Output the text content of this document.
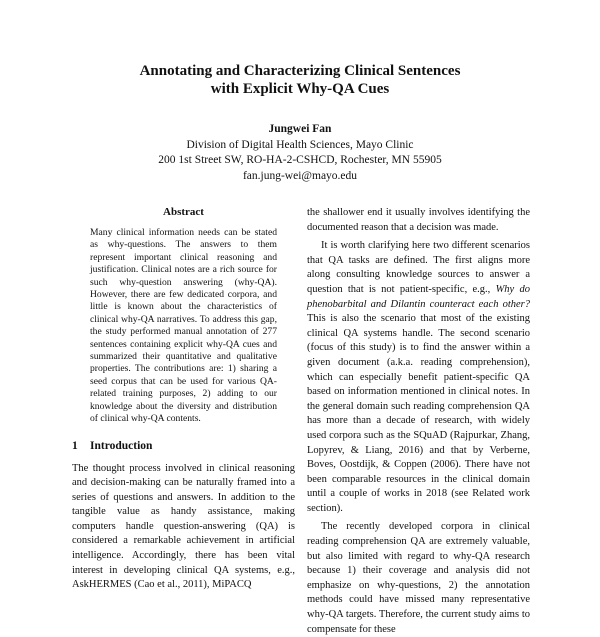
Annotating and Characterizing Clinical Sentences
with Explicit Why-QA Cues
Jungwei Fan
Division of Digital Health Sciences, Mayo Clinic
200 1st Street SW, RO-HA-2-CSHCD, Rochester, MN 55905
fan.jung-wei@mayo.edu
Abstract

Many clinical information needs can be stated as why-questions. The answers to them represent important clinical reasoning and justification. Clinical notes are a rich source for such why-question answering (why-QA). However, there are few dedicated corpora, and little is known about the characteristics of clinical why-QA narratives. To address this gap, the study performed manual annotation of 277 sentences containing explicit why-QA cues and summarized their quantitative and qualitative properties. The contributions are: 1) sharing a seed corpus that can be used for various QA-related training purposes, 2) adding to our knowledge about the diversity and distribution of clinical why-QA contents.

1 Introduction

The thought process involved in clinical reasoning and decision-making can be naturally framed into a series of questions and answers. In addition to the tangible value as handy assistance, making computers handle question-answering (QA) is considered a remarkable achievement in artificial intelligence. Accordingly, there has been vital interest in developing clinical QA systems, e.g., AskHERMES (Cao et al., 2011), MiPACQ

the shallower end it usually involves identifying the documented reason that a decision was made.

It is worth clarifying here two different scenarios that QA tasks are defined. The first aligns more along consulting knowledge sources to answer a question that is not patient-specific, e.g., Why do phenobarbital and Dilantin counteract each other? This is also the scenario that most of the existing clinical QA systems handle. The second scenario (focus of this study) is to find the answer within a given document (a.k.a. reading comprehension), which can especially benefit patient-specific QA based on information mentioned in clinical notes. In the general domain such reading comprehension QA has more than a decade of research, with widely used corpora such as the SQuAD (Rajpurkar, Zhang, Lopyrev, & Liang, 2016) and that by Verberne, Boves, Oostdijk, & Coppen (2006). There have not been comparable resources in the clinical domain until a couple of works in 2018 (see Related work section).

The recently developed corpora in clinical reading comprehension QA are extremely valuable, but also limited with regard to why-QA research because 1) their coverage and analysis did not emphasize on why-questions, 2) the annotation methods could have missed many representative why-QA targets. Therefore, the current study aims to compensate for these
